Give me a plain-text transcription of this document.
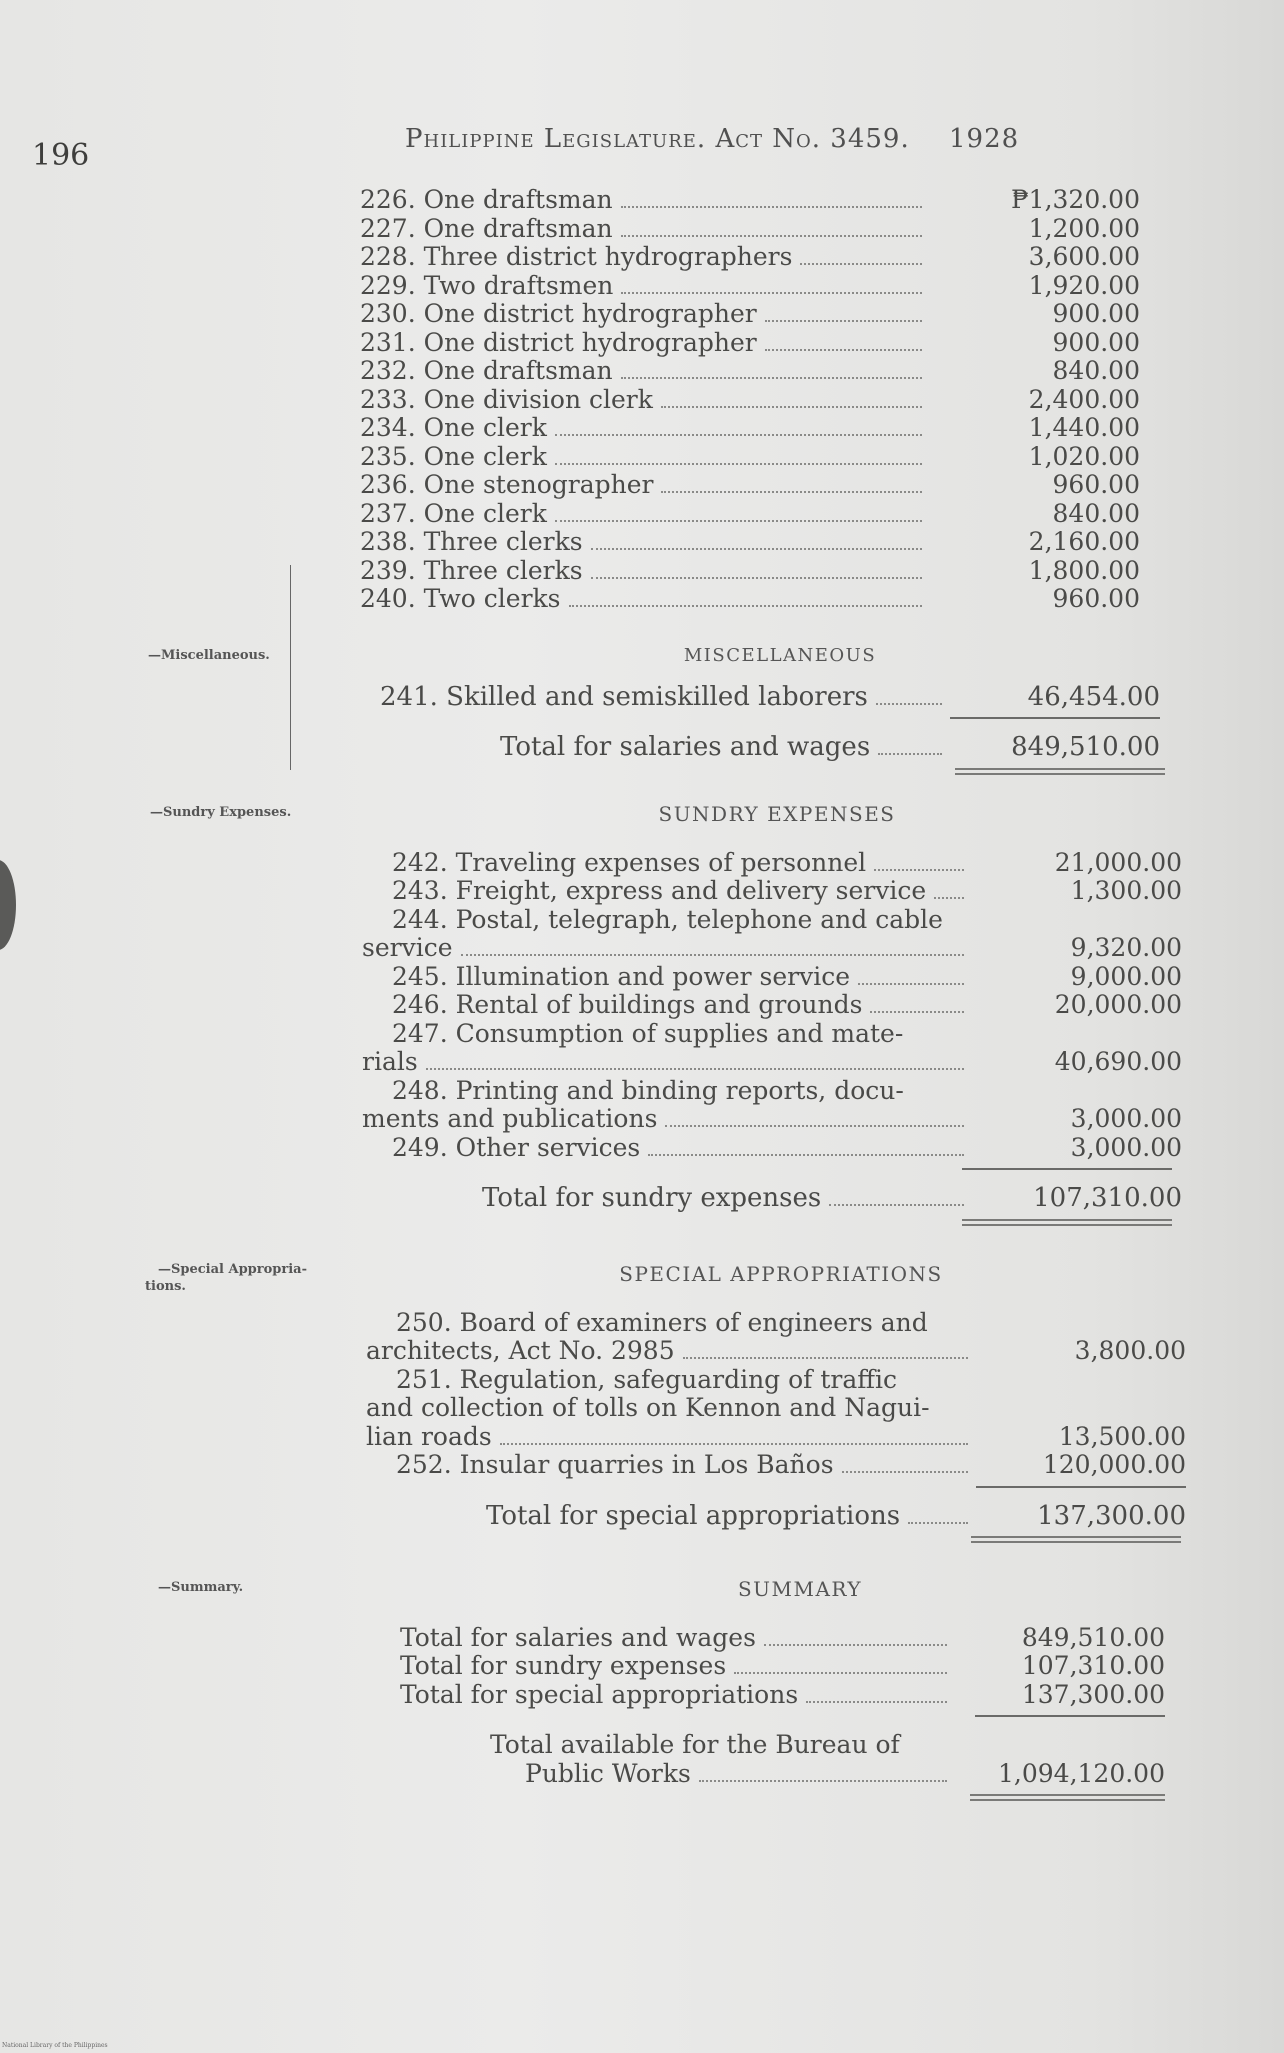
196	Philippine Legislature. Act No. 3459. 1928
226. One draftsman	₱1,320.00
227. One draftsman	1,200.00
228. Three district hydrographers	3,600.00
229. Two draftsmen	1,920.00
230. One district hydrographer	900.00
231. One district hydrographer	900.00
232. One draftsman	840.00
233. One division clerk	2,400.00
234. One clerk	1,440.00
235. One clerk	1,020.00
236. One stenographer	960.00
237. One clerk	840.00
238. Three clerks	2,160.00
239. Three clerks	1,800.00
240. Two clerks	960.00
—Miscellaneous.	MISCELLANEOUS
241. Skilled and semiskilled laborers	46,454.00
Total for salaries and wages	849,510.00
—Sundry Expenses.	SUNDRY EXPENSES
242. Traveling expenses of personnel	21,000.00
243. Freight, express and delivery service	1,300.00
244. Postal, telegraph, telephone and cable
service	9,320.00
245. Illumination and power service	9,000.00
246. Rental of buildings and grounds	20,000.00
247. Consumption of supplies and mate-
rials	40,690.00
248. Printing and binding reports, docu-
ments and publications	3,000.00
249. Other services	3,000.00
Total for sundry expenses	107,310.00
—Special Appropria-
tions.
SPECIAL APPROPRIATIONS
250. Board of examiners of engineers and
architects, Act No. 2985	3,800.00
251. Regulation, safeguarding of traffic
and collection of tolls on Kennon and Nagui-
lian roads	13,500.00
252. Insular quarries in Los Baños	120,000.00
Total for special appropriations	137,300.00
—Summary.	SUMMARY
Total for salaries and wages	849,510.00
Total for sundry expenses	107,310.00
Total for special appropriations	137,300.00
Total available for the Bureau of
Public Works	1,094,120.00
National Library of the Philippines
